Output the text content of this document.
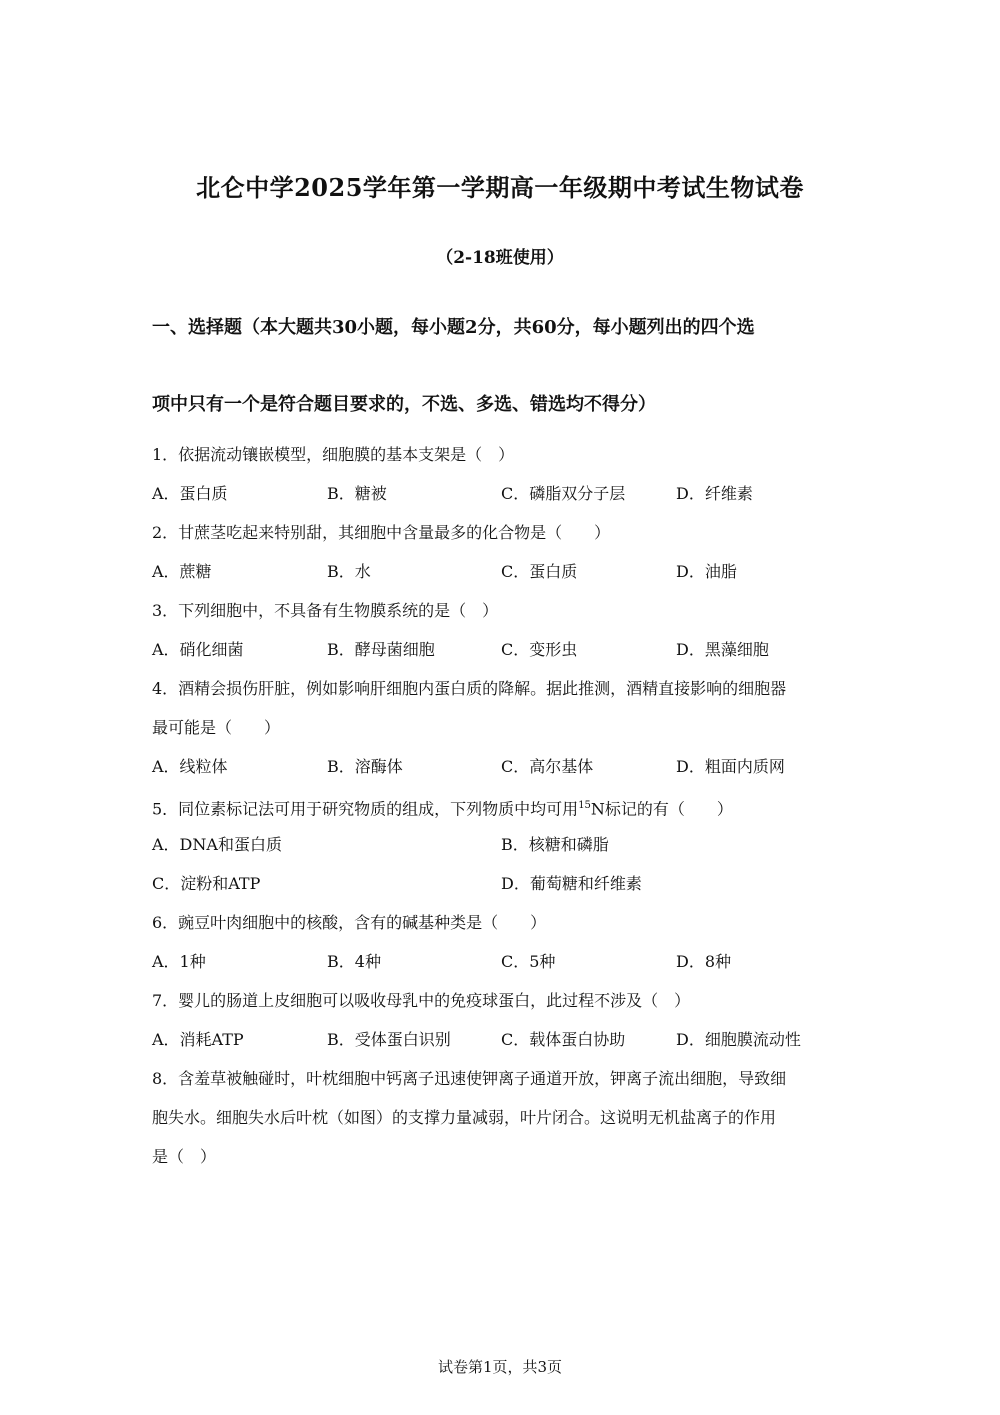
北仑中学2025学年第一学期高一年级期中考试生物试卷
（2-18班使用）
一、选择题（本大题共30小题，每小题2分，共60分，每小题列出的四个选
项中只有一个是符合题目要求的，不选、多选、错选均不得分）
1．依据流动镶嵌模型，细胞膜的基本支架是（　）
A．蛋白质	B．糖被	C．磷脂双分子层	D．纤维素
2．甘蔗茎吃起来特别甜，其细胞中含量最多的化合物是（　　）
A．蔗糖	B．水	C．蛋白质	D．油脂
3．下列细胞中，不具备有生物膜系统的是（　）
A．硝化细菌	B．酵母菌细胞	C．变形虫	D．黑藻细胞
4．酒精会损伤肝脏，例如影响肝细胞内蛋白质的降解。据此推测，酒精直接影响的细胞器
最可能是（　　）
A．线粒体	B．溶酶体	C．高尔基体	D．粗面内质网
5．同位素标记法可用于研究物质的组成，下列物质中均可用$^{15}$N标记的有（　　）
A．DNA和蛋白质	B．核糖和磷脂
C．淀粉和ATP	D．葡萄糖和纤维素
6．豌豆叶肉细胞中的核酸，含有的碱基种类是（　　）
A．1种	B．4种	C．5种	D．8种
7．婴儿的肠道上皮细胞可以吸收母乳中的免疫球蛋白，此过程不涉及（　）
A．消耗ATP	B．受体蛋白识别	C．载体蛋白协助	D．细胞膜流动性
8．含羞草被触碰时，叶枕细胞中钙离子迅速使钾离子通道开放，钾离子流出细胞，导致细
胞失水。细胞失水后叶枕（如图）的支撑力量减弱，叶片闭合。这说明无机盐离子的作用
是（　）
试卷第1页，共3页
